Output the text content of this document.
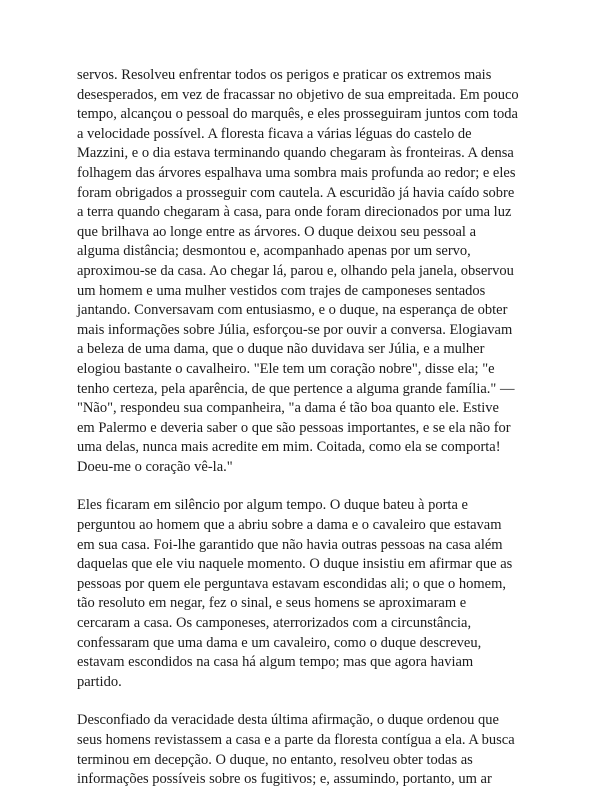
servos. Resolveu enfrentar todos os perigos e praticar os extremos mais
desesperados, em vez de fracassar no objetivo de sua empreitada. Em pouco
tempo, alcançou o pessoal do marquês, e eles prosseguiram juntos com toda
a velocidade possível. A floresta ficava a várias léguas do castelo de
Mazzini, e o dia estava terminando quando chegaram às fronteiras. A densa
folhagem das árvores espalhava uma sombra mais profunda ao redor; e eles
foram obrigados a prosseguir com cautela. A escuridão já havia caído sobre
a terra quando chegaram à casa, para onde foram direcionados por uma luz
que brilhava ao longe entre as árvores. O duque deixou seu pessoal a
alguma distância; desmontou e, acompanhado apenas por um servo,
aproximou-se da casa. Ao chegar lá, parou e, olhando pela janela, observou
um homem e uma mulher vestidos com trajes de camponeses sentados
jantando. Conversavam com entusiasmo, e o duque, na esperança de obter
mais informações sobre Júlia, esforçou-se por ouvir a conversa. Elogiavam
a beleza de uma dama, que o duque não duvidava ser Júlia, e a mulher
elogiou bastante o cavalheiro. "Ele tem um coração nobre", disse ela; "e
tenho certeza, pela aparência, de que pertence a alguma grande família." —
"Não", respondeu sua companheira, "a dama é tão boa quanto ele. Estive
em Palermo e deveria saber o que são pessoas importantes, e se ela não for
uma delas, nunca mais acredite em mim. Coitada, como ela se comporta!
Doeu-me o coração vê-la."
Eles ficaram em silêncio por algum tempo. O duque bateu à porta e
perguntou ao homem que a abriu sobre a dama e o cavaleiro que estavam
em sua casa. Foi-lhe garantido que não havia outras pessoas na casa além
daquelas que ele viu naquele momento. O duque insistiu em afirmar que as
pessoas por quem ele perguntava estavam escondidas ali; o que o homem,
tão resoluto em negar, fez o sinal, e seus homens se aproximaram e
cercaram a casa. Os camponeses, aterrorizados com a circunstância,
confessaram que uma dama e um cavaleiro, como o duque descreveu,
estavam escondidos na casa há algum tempo; mas que agora haviam
partido.
Desconfiado da veracidade desta última afirmação, o duque ordenou que
seus homens revistassem a casa e a parte da floresta contígua a ela. A busca
terminou em decepção. O duque, no entanto, resolveu obter todas as
informações possíveis sobre os fugitivos; e, assumindo, portanto, um ar
